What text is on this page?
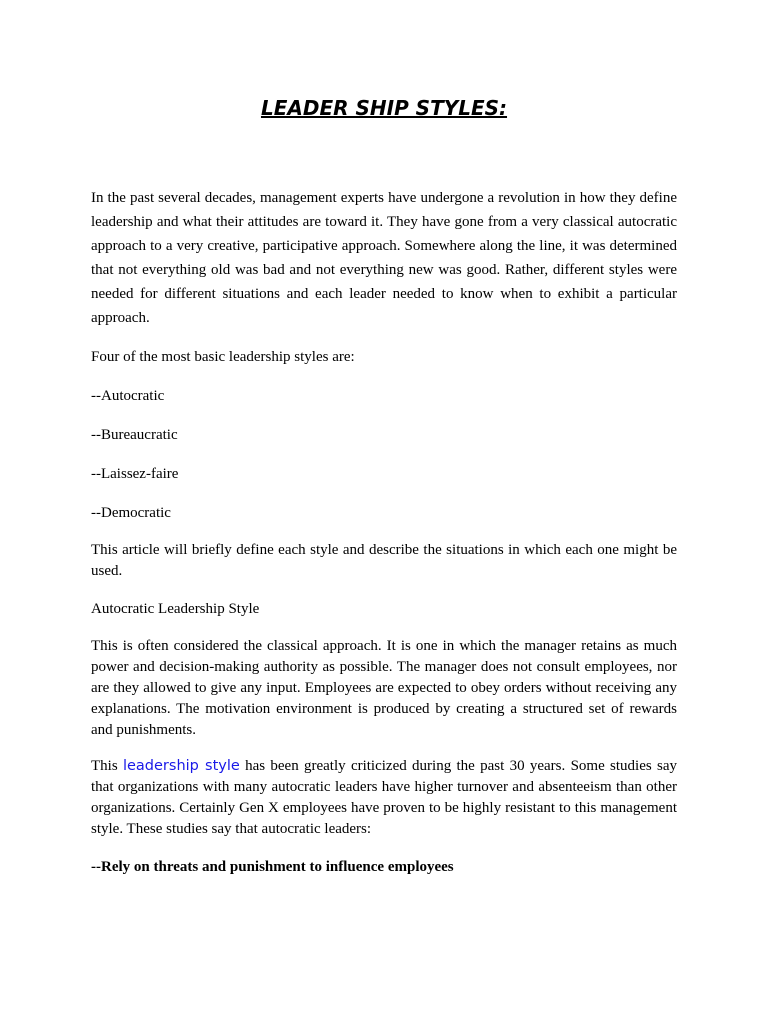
LEADER SHIP STYLES:

In the past several decades, management experts have undergone a revolution in how they define leadership and what their attitudes are toward it. They have gone from a very classical autocratic approach to a very creative, participative approach. Somewhere along the line, it was determined that not everything old was bad and not everything new was good. Rather, different styles were needed for different situations and each leader needed to know when to exhibit a particular approach.

Four of the most basic leadership styles are:

--Autocratic

--Bureaucratic

--Laissez-faire

--Democratic

This article will briefly define each style and describe the situations in which each one might be used.

Autocratic Leadership Style

This is often considered the classical approach. It is one in which the manager retains as much power and decision-making authority as possible. The manager does not consult employees, nor are they allowed to give any input. Employees are expected to obey orders without receiving any explanations. The motivation environment is produced by creating a structured set of rewards and punishments.

This leadership style has been greatly criticized during the past 30 years. Some studies say that organizations with many autocratic leaders have higher turnover and absenteeism than other organizations. Certainly Gen X employees have proven to be highly resistant to this management style. These studies say that autocratic leaders:

--Rely on threats and punishment to influence employees
